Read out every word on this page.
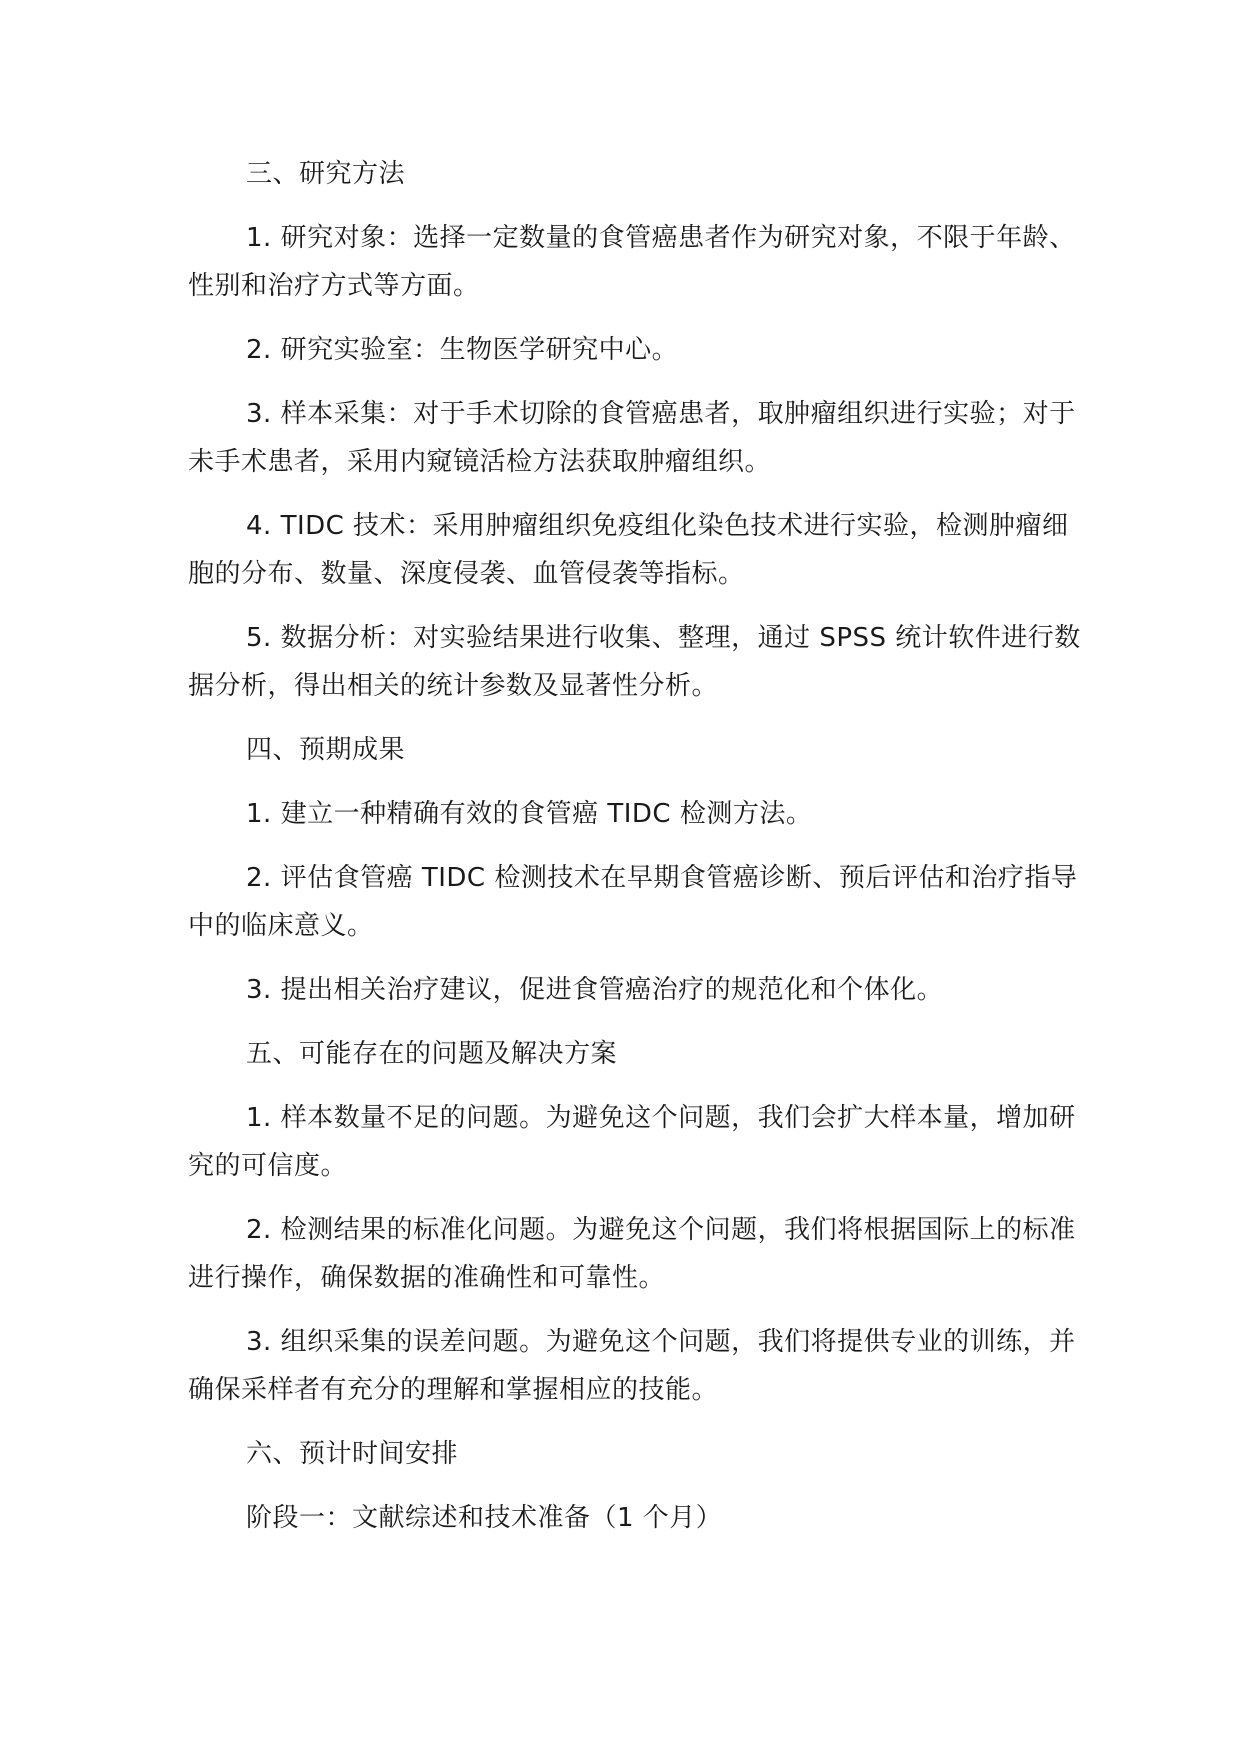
三、研究方法

1. 研究对象：选择一定数量的食管癌患者作为研究对象，不限于年龄、性别和治疗方式等方面。

2. 研究实验室：生物医学研究中心。

3. 样本采集：对于手术切除的食管癌患者，取肿瘤组织进行实验；对于未手术患者，采用内窥镜活检方法获取肿瘤组织。

4. TIDC 技术：采用肿瘤组织免疫组化染色技术进行实验，检测肿瘤细胞的分布、数量、深度侵袭、血管侵袭等指标。

5. 数据分析：对实验结果进行收集、整理，通过 SPSS 统计软件进行数据分析，得出相关的统计参数及显著性分析。

四、预期成果

1. 建立一种精确有效的食管癌 TIDC 检测方法。

2. 评估食管癌 TIDC 检测技术在早期食管癌诊断、预后评估和治疗指导中的临床意义。

3. 提出相关治疗建议，促进食管癌治疗的规范化和个体化。

五、可能存在的问题及解决方案

1. 样本数量不足的问题。为避免这个问题，我们会扩大样本量，增加研究的可信度。

2. 检测结果的标准化问题。为避免这个问题，我们将根据国际上的标准进行操作，确保数据的准确性和可靠性。

3. 组织采集的误差问题。为避免这个问题，我们将提供专业的训练，并确保采样者有充分的理解和掌握相应的技能。

六、预计时间安排

阶段一：文献综述和技术准备（1 个月）
